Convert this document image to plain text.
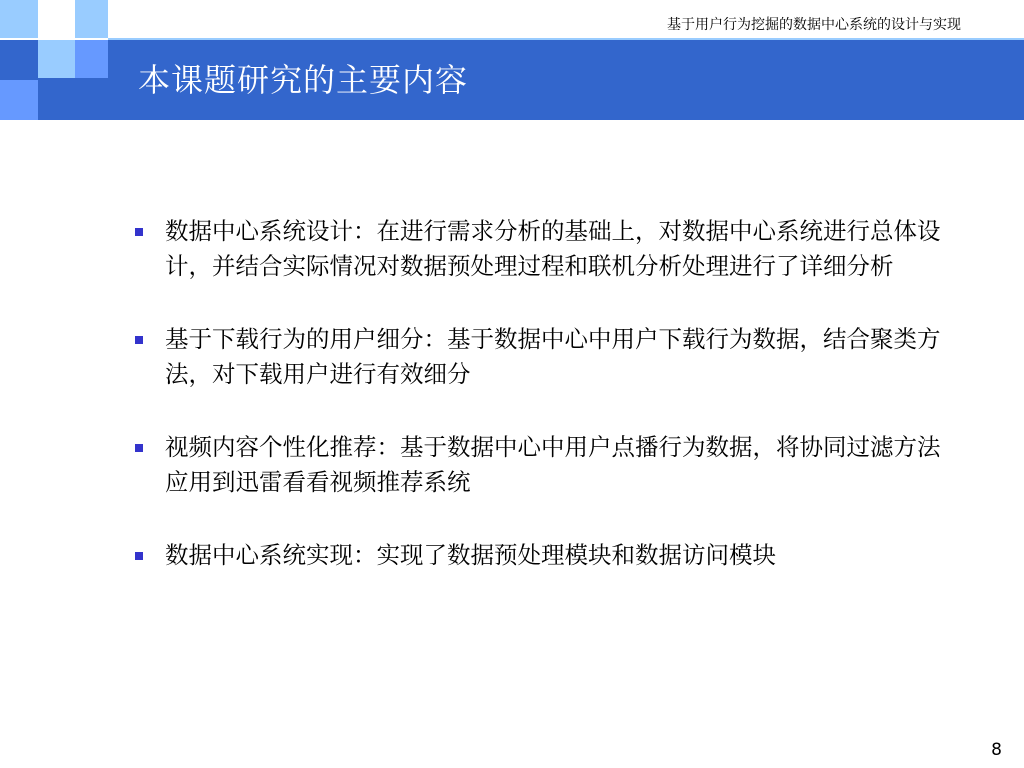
基于用户行为挖掘的数据中心系统的设计与实现
本课题研究的主要内容
数据中心系统设计：在进行需求分析的基础上，对数据中心系统进行总体设计，并结合实际情况对数据预处理过程和联机分析处理进行了详细分析
基于下载行为的用户细分：基于数据中心中用户下载行为数据，结合聚类方法，对下载用户进行有效细分
视频内容个性化推荐：基于数据中心中用户点播行为数据，将协同过滤方法应用到迅雷看看视频推荐系统
数据中心系统实现：实现了数据预处理模块和数据访问模块
8
